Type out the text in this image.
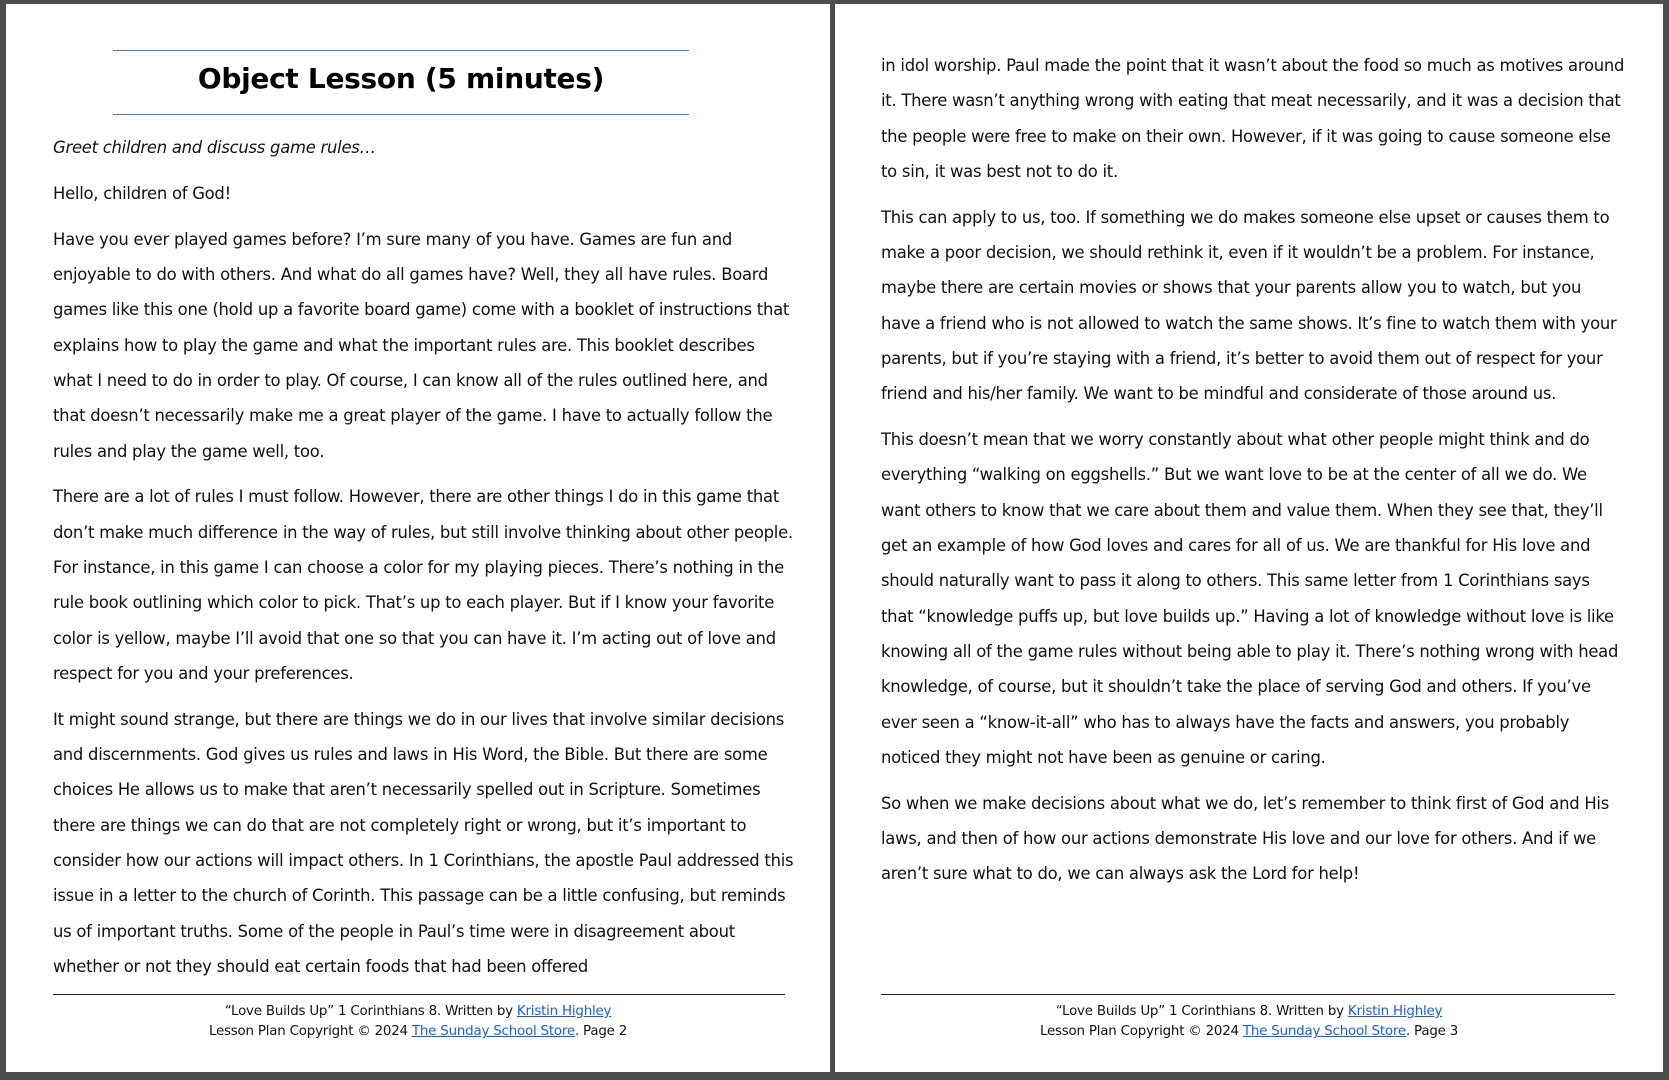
Object Lesson (5 minutes)

Greet children and discuss game rules…

Hello, children of God!

Have you ever played games before? I’m sure many of you have. Games are fun and enjoyable to do with others. And what do all games have? Well, they all have rules. Board games like this one (hold up a favorite board game) come with a booklet of instructions that explains how to play the game and what the important rules are. This booklet describes what I need to do in order to play. Of course, I can know all of the rules outlined here, and that doesn’t necessarily make me a great player of the game. I have to actually follow the rules and play the game well, too.

There are a lot of rules I must follow. However, there are other things I do in this game that don’t make much difference in the way of rules, but still involve thinking about other people. For instance, in this game I can choose a color for my playing pieces. There’s nothing in the rule book outlining which color to pick. That’s up to each player. But if I know your favorite color is yellow, maybe I’ll avoid that one so that you can have it. I’m acting out of love and respect for you and your preferences.

It might sound strange, but there are things we do in our lives that involve similar decisions and discernments. God gives us rules and laws in His Word, the Bible. But there are some choices He allows us to make that aren’t necessarily spelled out in Scripture. Sometimes there are things we can do that are not completely right or wrong, but it’s important to consider how our actions will impact others. In 1 Corinthians, the apostle Paul addressed this issue in a letter to the church of Corinth. This passage can be a little confusing, but reminds us of important truths. Some of the people in Paul’s time were in disagreement about whether or not they should eat certain foods that had been offered

“Love Builds Up” 1 Corinthians 8. Written by Kristin Highley
Lesson Plan Copyright © 2024 The Sunday School Store. Page 2

in idol worship. Paul made the point that it wasn’t about the food so much as motives around it. There wasn’t anything wrong with eating that meat necessarily, and it was a decision that the people were free to make on their own. However, if it was going to cause someone else to sin, it was best not to do it.

This can apply to us, too. If something we do makes someone else upset or causes them to make a poor decision, we should rethink it, even if it wouldn’t be a problem. For instance, maybe there are certain movies or shows that your parents allow you to watch, but you have a friend who is not allowed to watch the same shows. It’s fine to watch them with your parents, but if you’re staying with a friend, it’s better to avoid them out of respect for your friend and his/her family. We want to be mindful and considerate of those around us.

This doesn’t mean that we worry constantly about what other people might think and do everything “walking on eggshells.” But we want love to be at the center of all we do. We want others to know that we care about them and value them. When they see that, they’ll get an example of how God loves and cares for all of us. We are thankful for His love and should naturally want to pass it along to others. This same letter from 1 Corinthians says that “knowledge puffs up, but love builds up.” Having a lot of knowledge without love is like knowing all of the game rules without being able to play it. There’s nothing wrong with head knowledge, of course, but it shouldn’t take the place of serving God and others. If you’ve ever seen a “know-it-all” who has to always have the facts and answers, you probably noticed they might not have been as genuine or caring.

So when we make decisions about what we do, let’s remember to think first of God and His laws, and then of how our actions demonstrate His love and our love for others. And if we aren’t sure what to do, we can always ask the Lord for help!

“Love Builds Up” 1 Corinthians 8. Written by Kristin Highley
Lesson Plan Copyright © 2024 The Sunday School Store. Page 3
